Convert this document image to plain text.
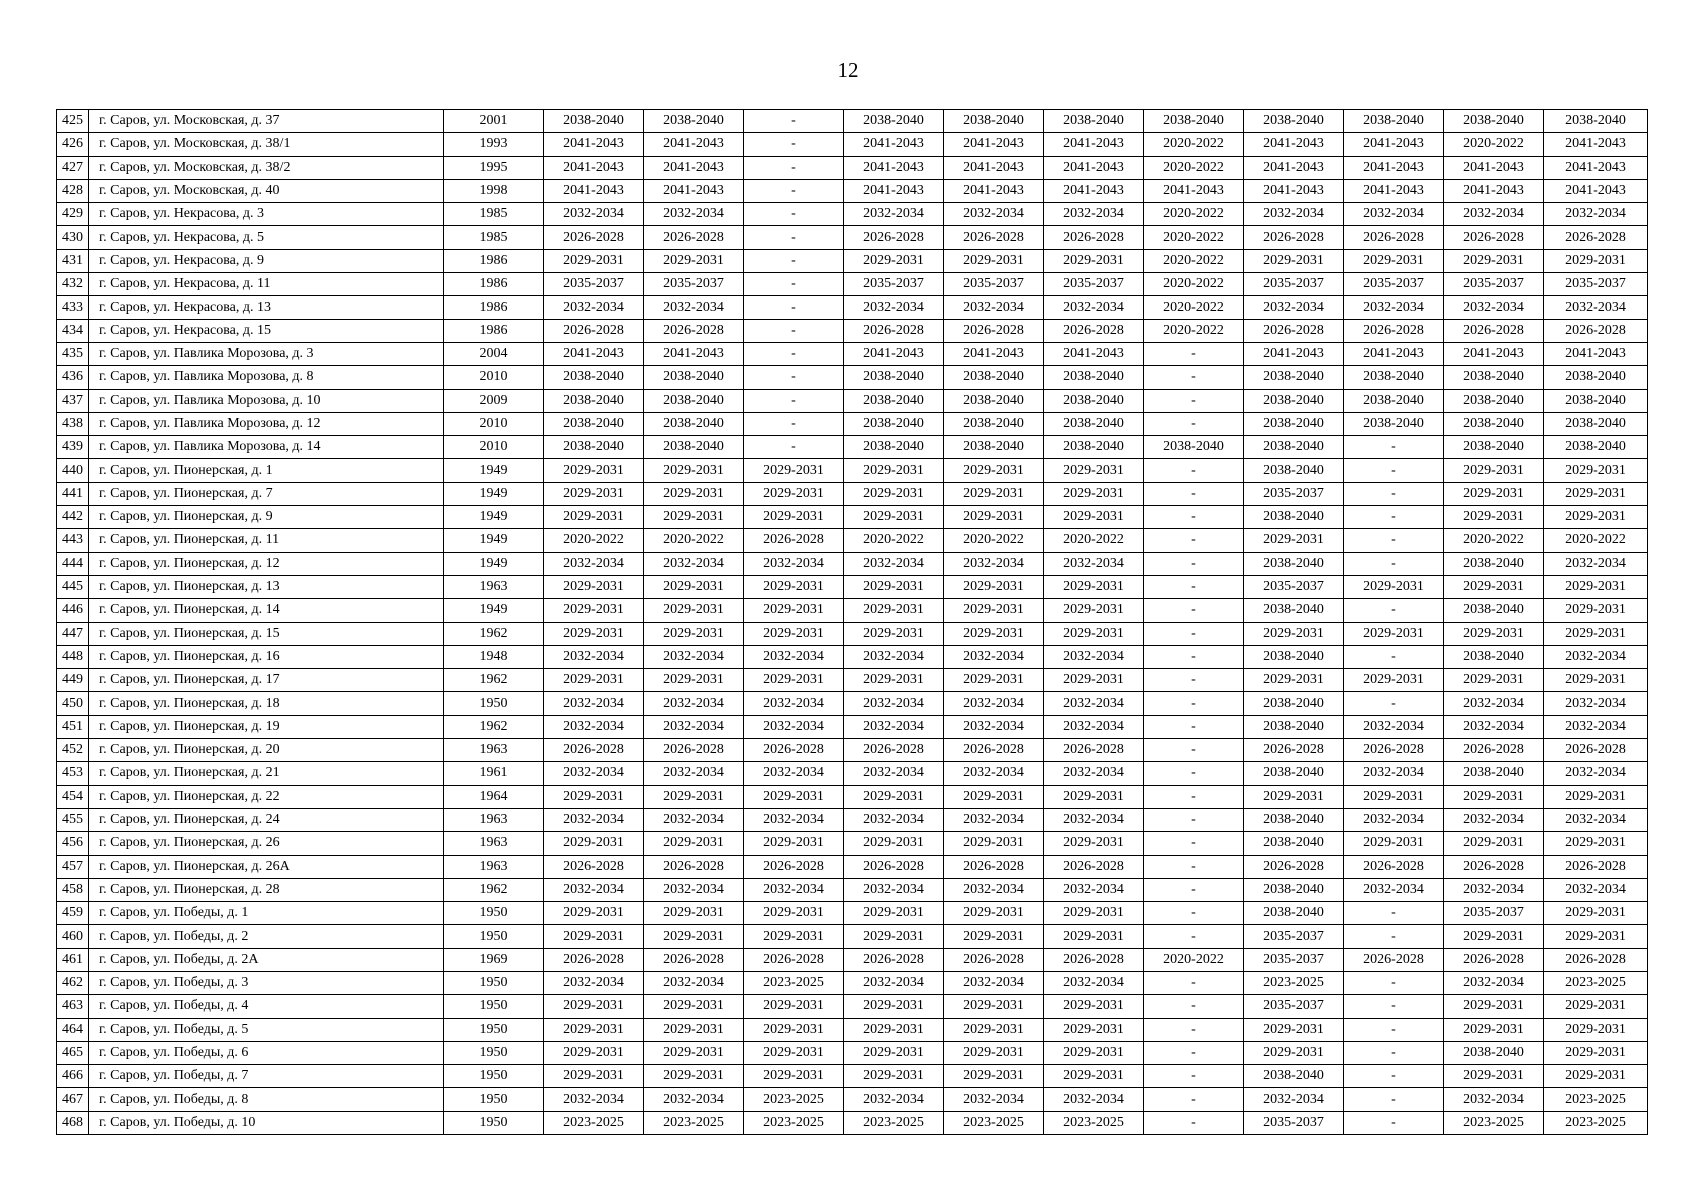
12
425	г. Саров, ул. Московская, д. 37	2001	2038-2040	2038-2040	-	2038-2040	2038-2040	2038-2040	2038-2040	2038-2040	2038-2040	2038-2040	2038-2040
426	г. Саров, ул. Московская, д. 38/1	1993	2041-2043	2041-2043	-	2041-2043	2041-2043	2041-2043	2020-2022	2041-2043	2041-2043	2020-2022	2041-2043
427	г. Саров, ул. Московская, д. 38/2	1995	2041-2043	2041-2043	-	2041-2043	2041-2043	2041-2043	2020-2022	2041-2043	2041-2043	2041-2043	2041-2043
428	г. Саров, ул. Московская, д. 40	1998	2041-2043	2041-2043	-	2041-2043	2041-2043	2041-2043	2041-2043	2041-2043	2041-2043	2041-2043	2041-2043
429	г. Саров, ул. Некрасова, д. 3	1985	2032-2034	2032-2034	-	2032-2034	2032-2034	2032-2034	2020-2022	2032-2034	2032-2034	2032-2034	2032-2034
430	г. Саров, ул. Некрасова, д. 5	1985	2026-2028	2026-2028	-	2026-2028	2026-2028	2026-2028	2020-2022	2026-2028	2026-2028	2026-2028	2026-2028
431	г. Саров, ул. Некрасова, д. 9	1986	2029-2031	2029-2031	-	2029-2031	2029-2031	2029-2031	2020-2022	2029-2031	2029-2031	2029-2031	2029-2031
432	г. Саров, ул. Некрасова, д. 11	1986	2035-2037	2035-2037	-	2035-2037	2035-2037	2035-2037	2020-2022	2035-2037	2035-2037	2035-2037	2035-2037
433	г. Саров, ул. Некрасова, д. 13	1986	2032-2034	2032-2034	-	2032-2034	2032-2034	2032-2034	2020-2022	2032-2034	2032-2034	2032-2034	2032-2034
434	г. Саров, ул. Некрасова, д. 15	1986	2026-2028	2026-2028	-	2026-2028	2026-2028	2026-2028	2020-2022	2026-2028	2026-2028	2026-2028	2026-2028
435	г. Саров, ул. Павлика Морозова, д. 3	2004	2041-2043	2041-2043	-	2041-2043	2041-2043	2041-2043	-	2041-2043	2041-2043	2041-2043	2041-2043
436	г. Саров, ул. Павлика Морозова, д. 8	2010	2038-2040	2038-2040	-	2038-2040	2038-2040	2038-2040	-	2038-2040	2038-2040	2038-2040	2038-2040
437	г. Саров, ул. Павлика Морозова, д. 10	2009	2038-2040	2038-2040	-	2038-2040	2038-2040	2038-2040	-	2038-2040	2038-2040	2038-2040	2038-2040
438	г. Саров, ул. Павлика Морозова, д. 12	2010	2038-2040	2038-2040	-	2038-2040	2038-2040	2038-2040	-	2038-2040	2038-2040	2038-2040	2038-2040
439	г. Саров, ул. Павлика Морозова, д. 14	2010	2038-2040	2038-2040	-	2038-2040	2038-2040	2038-2040	2038-2040	2038-2040	-	2038-2040	2038-2040
440	г. Саров, ул. Пионерская, д. 1	1949	2029-2031	2029-2031	2029-2031	2029-2031	2029-2031	2029-2031	-	2038-2040	-	2029-2031	2029-2031
441	г. Саров, ул. Пионерская, д. 7	1949	2029-2031	2029-2031	2029-2031	2029-2031	2029-2031	2029-2031	-	2035-2037	-	2029-2031	2029-2031
442	г. Саров, ул. Пионерская, д. 9	1949	2029-2031	2029-2031	2029-2031	2029-2031	2029-2031	2029-2031	-	2038-2040	-	2029-2031	2029-2031
443	г. Саров, ул. Пионерская, д. 11	1949	2020-2022	2020-2022	2026-2028	2020-2022	2020-2022	2020-2022	-	2029-2031	-	2020-2022	2020-2022
444	г. Саров, ул. Пионерская, д. 12	1949	2032-2034	2032-2034	2032-2034	2032-2034	2032-2034	2032-2034	-	2038-2040	-	2038-2040	2032-2034
445	г. Саров, ул. Пионерская, д. 13	1963	2029-2031	2029-2031	2029-2031	2029-2031	2029-2031	2029-2031	-	2035-2037	2029-2031	2029-2031	2029-2031
446	г. Саров, ул. Пионерская, д. 14	1949	2029-2031	2029-2031	2029-2031	2029-2031	2029-2031	2029-2031	-	2038-2040	-	2038-2040	2029-2031
447	г. Саров, ул. Пионерская, д. 15	1962	2029-2031	2029-2031	2029-2031	2029-2031	2029-2031	2029-2031	-	2029-2031	2029-2031	2029-2031	2029-2031
448	г. Саров, ул. Пионерская, д. 16	1948	2032-2034	2032-2034	2032-2034	2032-2034	2032-2034	2032-2034	-	2038-2040	-	2038-2040	2032-2034
449	г. Саров, ул. Пионерская, д. 17	1962	2029-2031	2029-2031	2029-2031	2029-2031	2029-2031	2029-2031	-	2029-2031	2029-2031	2029-2031	2029-2031
450	г. Саров, ул. Пионерская, д. 18	1950	2032-2034	2032-2034	2032-2034	2032-2034	2032-2034	2032-2034	-	2038-2040	-	2032-2034	2032-2034
451	г. Саров, ул. Пионерская, д. 19	1962	2032-2034	2032-2034	2032-2034	2032-2034	2032-2034	2032-2034	-	2038-2040	2032-2034	2032-2034	2032-2034
452	г. Саров, ул. Пионерская, д. 20	1963	2026-2028	2026-2028	2026-2028	2026-2028	2026-2028	2026-2028	-	2026-2028	2026-2028	2026-2028	2026-2028
453	г. Саров, ул. Пионерская, д. 21	1961	2032-2034	2032-2034	2032-2034	2032-2034	2032-2034	2032-2034	-	2038-2040	2032-2034	2038-2040	2032-2034
454	г. Саров, ул. Пионерская, д. 22	1964	2029-2031	2029-2031	2029-2031	2029-2031	2029-2031	2029-2031	-	2029-2031	2029-2031	2029-2031	2029-2031
455	г. Саров, ул. Пионерская, д. 24	1963	2032-2034	2032-2034	2032-2034	2032-2034	2032-2034	2032-2034	-	2038-2040	2032-2034	2032-2034	2032-2034
456	г. Саров, ул. Пионерская, д. 26	1963	2029-2031	2029-2031	2029-2031	2029-2031	2029-2031	2029-2031	-	2038-2040	2029-2031	2029-2031	2029-2031
457	г. Саров, ул. Пионерская, д. 26А	1963	2026-2028	2026-2028	2026-2028	2026-2028	2026-2028	2026-2028	-	2026-2028	2026-2028	2026-2028	2026-2028
458	г. Саров, ул. Пионерская, д. 28	1962	2032-2034	2032-2034	2032-2034	2032-2034	2032-2034	2032-2034	-	2038-2040	2032-2034	2032-2034	2032-2034
459	г. Саров, ул. Победы, д. 1	1950	2029-2031	2029-2031	2029-2031	2029-2031	2029-2031	2029-2031	-	2038-2040	-	2035-2037	2029-2031
460	г. Саров, ул. Победы, д. 2	1950	2029-2031	2029-2031	2029-2031	2029-2031	2029-2031	2029-2031	-	2035-2037	-	2029-2031	2029-2031
461	г. Саров, ул. Победы, д. 2А	1969	2026-2028	2026-2028	2026-2028	2026-2028	2026-2028	2026-2028	2020-2022	2035-2037	2026-2028	2026-2028	2026-2028
462	г. Саров, ул. Победы, д. 3	1950	2032-2034	2032-2034	2023-2025	2032-2034	2032-2034	2032-2034	-	2023-2025	-	2032-2034	2023-2025
463	г. Саров, ул. Победы, д. 4	1950	2029-2031	2029-2031	2029-2031	2029-2031	2029-2031	2029-2031	-	2035-2037	-	2029-2031	2029-2031
464	г. Саров, ул. Победы, д. 5	1950	2029-2031	2029-2031	2029-2031	2029-2031	2029-2031	2029-2031	-	2029-2031	-	2029-2031	2029-2031
465	г. Саров, ул. Победы, д. 6	1950	2029-2031	2029-2031	2029-2031	2029-2031	2029-2031	2029-2031	-	2029-2031	-	2038-2040	2029-2031
466	г. Саров, ул. Победы, д. 7	1950	2029-2031	2029-2031	2029-2031	2029-2031	2029-2031	2029-2031	-	2038-2040	-	2029-2031	2029-2031
467	г. Саров, ул. Победы, д. 8	1950	2032-2034	2032-2034	2023-2025	2032-2034	2032-2034	2032-2034	-	2032-2034	-	2032-2034	2023-2025
468	г. Саров, ул. Победы, д. 10	1950	2023-2025	2023-2025	2023-2025	2023-2025	2023-2025	2023-2025	-	2035-2037	-	2023-2025	2023-2025
